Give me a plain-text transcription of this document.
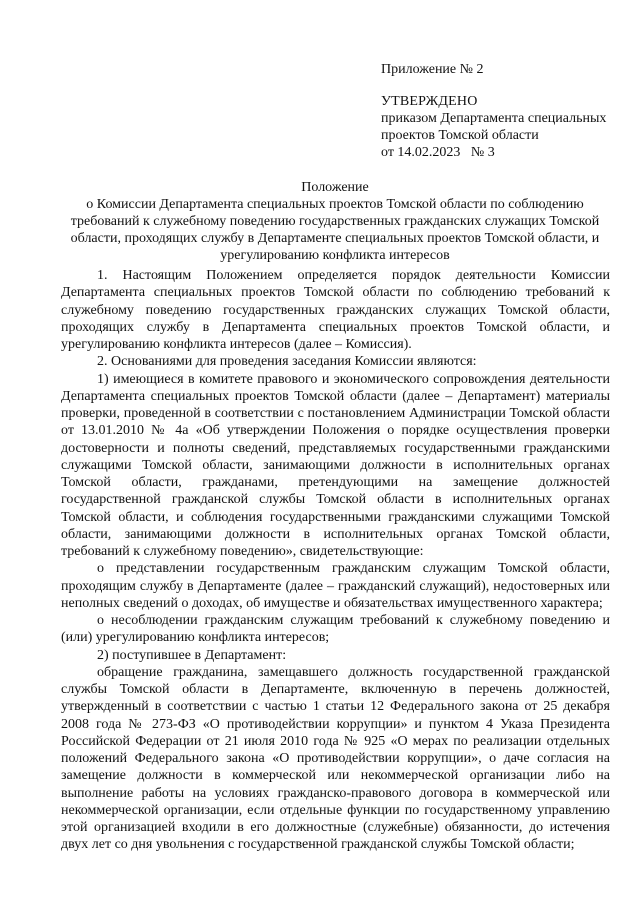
Приложение № 2
УТВЕРЖДЕНО
приказом Департамента специальных
проектов Томской области
от 14.02.2023   № 3
Положение
о Комиссии Департамента специальных проектов Томской области по соблюдению требований к служебному поведению государственных гражданских служащих Томской области, проходящих службу в Департаменте специальных проектов Томской области, и урегулированию конфликта интересов

1. Настоящим Положением определяется порядок деятельности Комиссии Департамента специальных проектов Томской области по соблюдению требований к служебному поведению государственных гражданских служащих Томской области, проходящих службу в Департамента специальных проектов Томской области, и урегулированию конфликта интересов (далее – Комиссия).

2. Основаниями для проведения заседания Комиссии являются:

1) имеющиеся в комитете правового и экономического сопровождения деятельности Департамента специальных проектов Томской области (далее – Департамент) материалы проверки, проведенной в соответствии с постановлением Администрации Томской области от 13.01.2010 № 4а «Об утверждении Положения о порядке осуществления проверки достоверности и полноты сведений, представляемых государственными гражданскими служащими Томской области, занимающими должности в исполнительных органах Томской области, гражданами, претендующими на замещение должностей государственной гражданской службы Томской области в исполнительных органах Томской области, и соблюдения государственными гражданскими служащими Томской области, занимающими должности в исполнительных органах Томской области, требований к служебному поведению», свидетельствующие:

о представлении государственным гражданским служащим Томской области, проходящим службу в Департаменте (далее – гражданский служащий), недостоверных или неполных сведений о доходах, об имуществе и обязательствах имущественного характера;

о несоблюдении гражданским служащим требований к служебному поведению и (или) урегулированию конфликта интересов;

2) поступившее в Департамент:

обращение гражданина, замещавшего должность государственной гражданской службы Томской области в Департаменте, включенную в перечень должностей, утвержденный в соответствии с частью 1 статьи 12 Федерального закона от 25 декабря 2008 года № 273-ФЗ «О противодействии коррупции» и пунктом 4 Указа Президента Российской Федерации от 21 июля 2010 года № 925 «О мерах по реализации отдельных положений Федерального закона «О противодействии коррупции», о даче согласия на замещение должности в коммерческой или некоммерческой организации либо на выполнение работы на условиях гражданско-правового договора в коммерческой или некоммерческой организации, если отдельные функции по государственному управлению этой организацией входили в его должностные (служебные) обязанности, до истечения двух лет со дня увольнения с государственной гражданской службы Томской области;
